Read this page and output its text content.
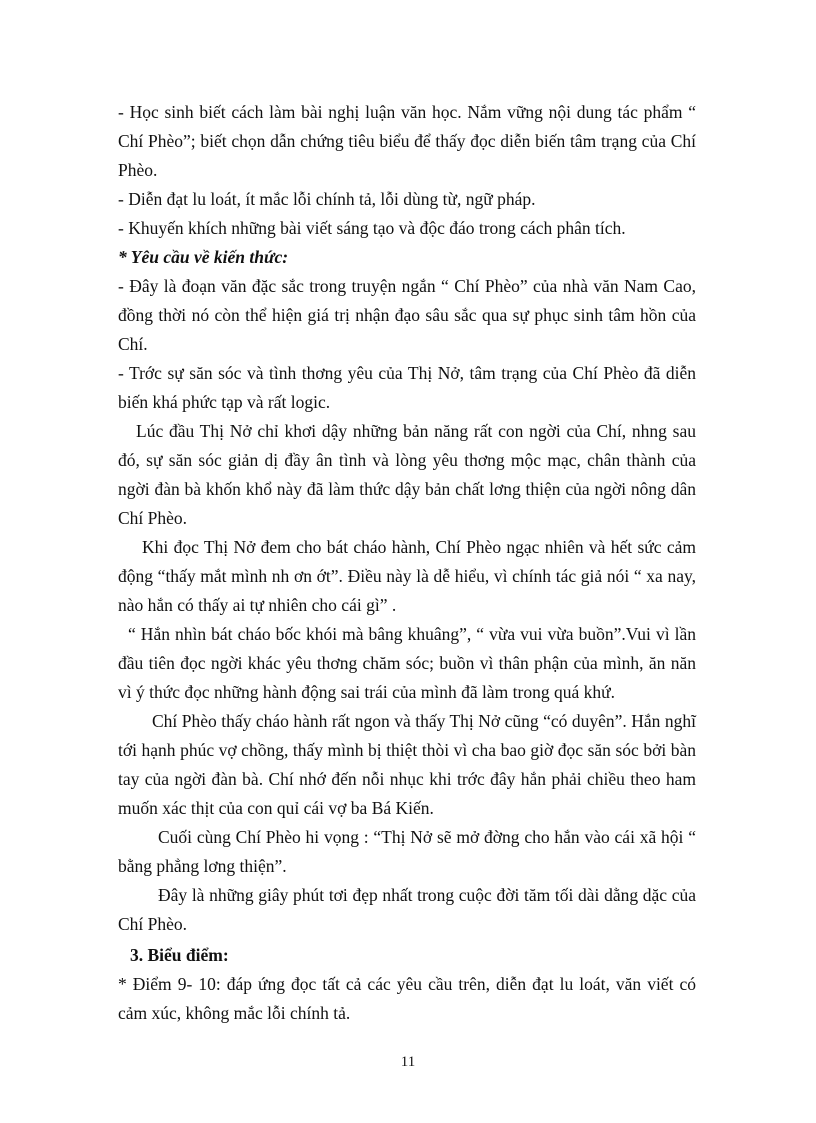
- Học sinh biết cách làm bài nghị luận văn học. Nắm vững nội dung tác phẩm “ Chí Phèo”; biết chọn dẫn chứng tiêu biểu để thấy đọc diễn biến tâm trạng của Chí Phèo.

- Diễn đạt lu loát, ít mắc lỗi chính tả, lỗi dùng từ, ngữ pháp.

- Khuyến khích những bài viết sáng tạo và độc đáo trong cách phân tích.

* Yêu cầu về kiến thức:

- Đây là đoạn văn đặc sắc trong truyện ngắn “ Chí Phèo” của nhà văn Nam Cao, đồng thời nó còn thể hiện giá trị nhận đạo sâu sắc qua sự phục sinh tâm hồn của Chí.

- Trớc sự săn sóc và tình thơng yêu của Thị Nở, tâm trạng của Chí Phèo đã diễn biến khá phức tạp và rất logic.

Lúc đầu Thị Nở chỉ khơi dậy những bản năng rất con ngời của Chí, nhng sau đó, sự săn sóc giản dị đầy ân tình và lòng yêu thơng mộc mạc, chân thành của ngời đàn bà khốn khổ này đã làm thức dậy bản chất lơng thiện của ngời nông dân Chí Phèo.

Khi đọc Thị Nở đem cho bát cháo hành, Chí Phèo ngạc nhiên và hết sức cảm động “thấy mắt mình nh ơn ớt”. Điều này là dễ hiểu, vì chính tác giả nói “ xa nay, nào hắn có thấy ai tự nhiên cho cái gì” .

“ Hắn nhìn bát cháo bốc khói mà bâng khuâng”, “ vừa vui vừa buồn”.Vui vì lần đầu tiên đọc ngời khác yêu thơng chăm sóc; buồn vì thân phận của mình, ăn năn vì ý thức đọc những hành động sai trái của mình đã làm trong quá khứ.

Chí Phèo thấy cháo hành rất ngon và thấy Thị Nở cũng “có duyên”. Hắn nghĩ tới hạnh phúc vợ chồng, thấy mình bị thiệt thòi vì cha bao giờ đọc săn sóc bởi bàn tay của ngời đàn bà. Chí nhớ đến nỗi nhục khi trớc đây hắn phải chiều theo ham muốn xác thịt của con quỉ cái vợ ba Bá Kiến.

Cuối cùng Chí Phèo hi vọng : “Thị Nở sẽ mở đờng cho hắn vào cái xã hội “ bằng phẳng lơng thiện”.

Đây là những giây phút tơi đẹp nhất trong cuộc đời tăm tối dài dằng dặc của Chí Phèo.

3. Biểu điểm:

* Điểm 9- 10: đáp ứng đọc tất cả các yêu cầu trên, diễn đạt lu loát, văn viết có cảm xúc, không mắc lỗi chính tả.

11
